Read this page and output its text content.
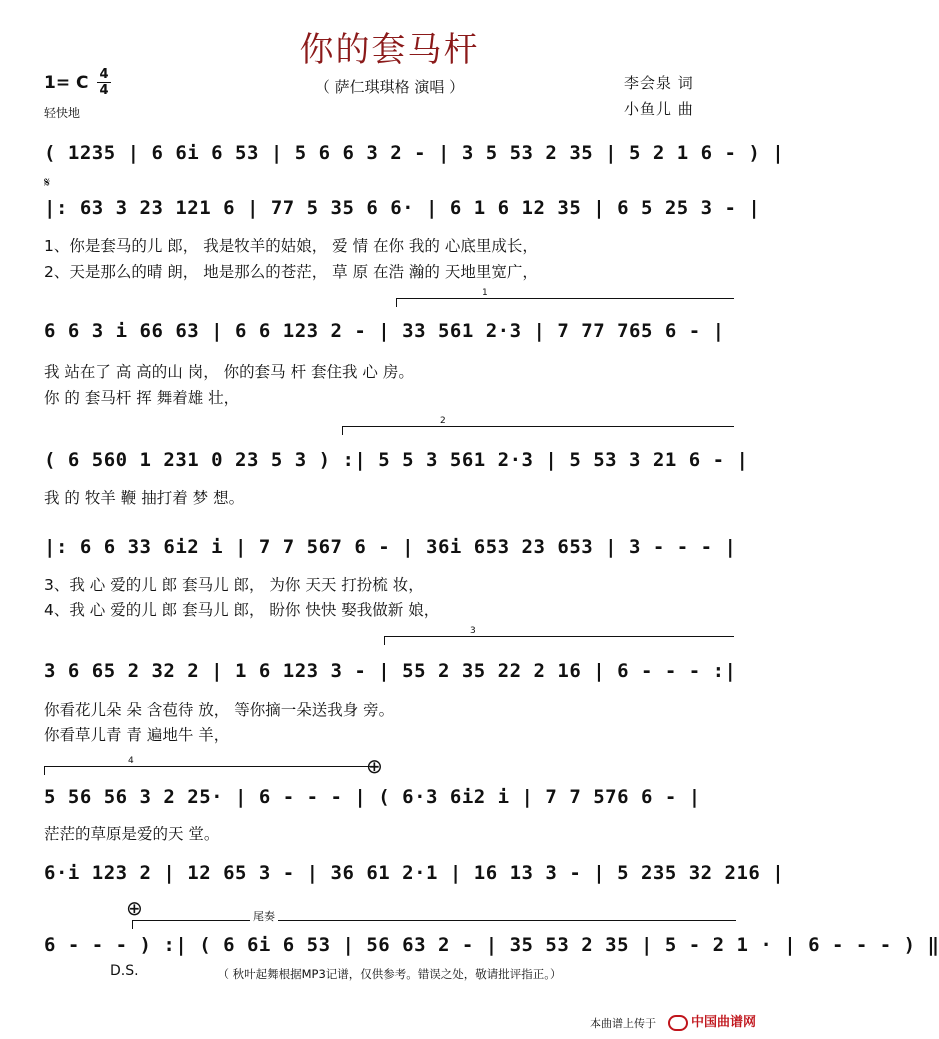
你的套马杆
1= C 4
4
轻快地
（ 萨仁琪琪格 演唱 ）	李会泉 词
小鱼儿 曲
( 1235 | 6 6i 6 53 | 5 6 6 3 2 - | 3 5 53 2 35 | 5 2 1 6 - ) |
𝄋
|: 63 3 23 121 6 | 77 5 35 6 6· | 6 1 6 12 35 | 6 5 25 3 - |
1、你是套马的儿 郎， 我是牧羊的姑娘， 爱 情 在你 我的 心底里成长，
2、天是那么的晴 朗， 地是那么的苍茫， 草 原 在浩 瀚的 天地里宽广，
1
6 6 3 i 66 63 | 6 6 123 2 - | 33 561 2·3 | 7 77 765 6 - |
我 站在了 高 高的山 岗， 你的套马 杆 套住我 心 房。
你 的 套马杆 挥 舞着雄 壮，
2
( 6 560 1 231 0 23 5 3 ) :| 5 5 3 561 2·3 | 5 53 3 21 6 - |
我 的 牧羊 鞭 抽打着 梦 想。
|: 6 6 33 6i2 i | 7 7 567 6 - | 36i 653 23 653 | 3 - - - |
3、我 心 爱的儿 郎 套马儿 郎， 为你 天天 打扮梳 妆，
4、我 心 爱的儿 郎 套马儿 郎， 盼你 快快 娶我做新 娘，
3
3 6 65 2 32 2 | 1 6 123 3 - | 55 2 35 22 2 16 | 6 - - - :|
你看花儿朵 朵 含苞待 放， 等你摘一朵送我身 旁。
你看草儿青 青 遍地牛 羊，
4	⊕
5 56 56 3 2 25· | 6 - - - | ( 6·3 6i2 i | 7 7 576 6 - |
茫茫的草原是爱的天 堂。
6·i 123 2 | 12 65 3 - | 36 61 2·1 | 16 13 3 - | 5 235 32 216 |
⊕	尾奏
6 - - - ) :| ( 6 6i 6 53 | 56 63 2 - | 35 53 2 35 | 5 - 2 1 · | 6 - - - ) ‖
D.S.	（ 秋叶起舞根据MP3记谱，仅供参考。错误之处，敬请批评指正。）
本曲谱上传于	中国曲谱网
